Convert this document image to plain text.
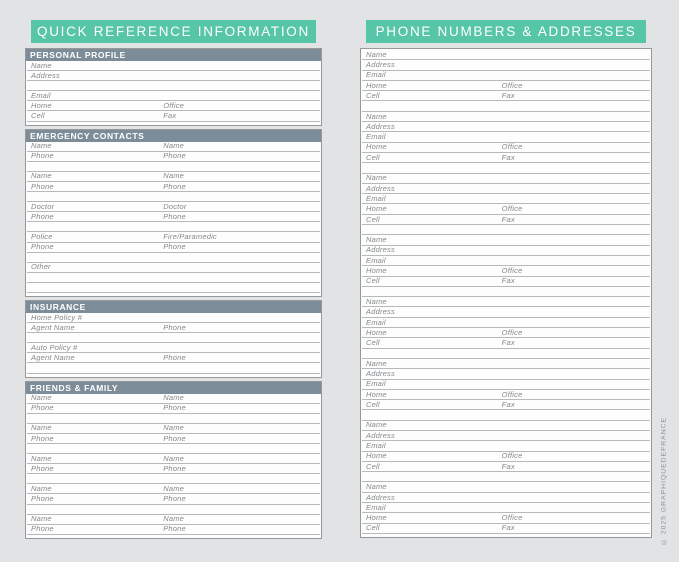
QUICK REFERENCE INFORMATION
PERSONAL PROFILE
Name
Address
Email
Home	Office
Cell	Fax
EMERGENCY CONTACTS
Name	Name
Phone	Phone
Name	Name
Phone	Phone
Doctor	Doctor
Phone	Phone
Police	Fire/Paramedic
Phone	Phone
Other
INSURANCE
Home Policy #
Agent Name	Phone
Auto Policy #
Agent Name	Phone
FRIENDS & FAMILY
Name	Name
Phone	Phone
Name	Name
Phone	Phone
Name	Name
Phone	Phone
Name	Name
Phone	Phone
Name	Name
Phone	Phone
PHONE NUMBERS & ADDRESSES
Name
Address
Email
Home	Office
Cell	Fax
Name
Address
Email
Home	Office
Cell	Fax
Name
Address
Email
Home	Office
Cell	Fax
Name
Address
Email
Home	Office
Cell	Fax
Name
Address
Email
Home	Office
Cell	Fax
Name
Address
Email
Home	Office
Cell	Fax
Name
Address
Email
Home	Office
Cell	Fax
Name
Address
Email
Home	Office
Cell	Fax	© 2025 GRAPHIQUEDEFRANCE
